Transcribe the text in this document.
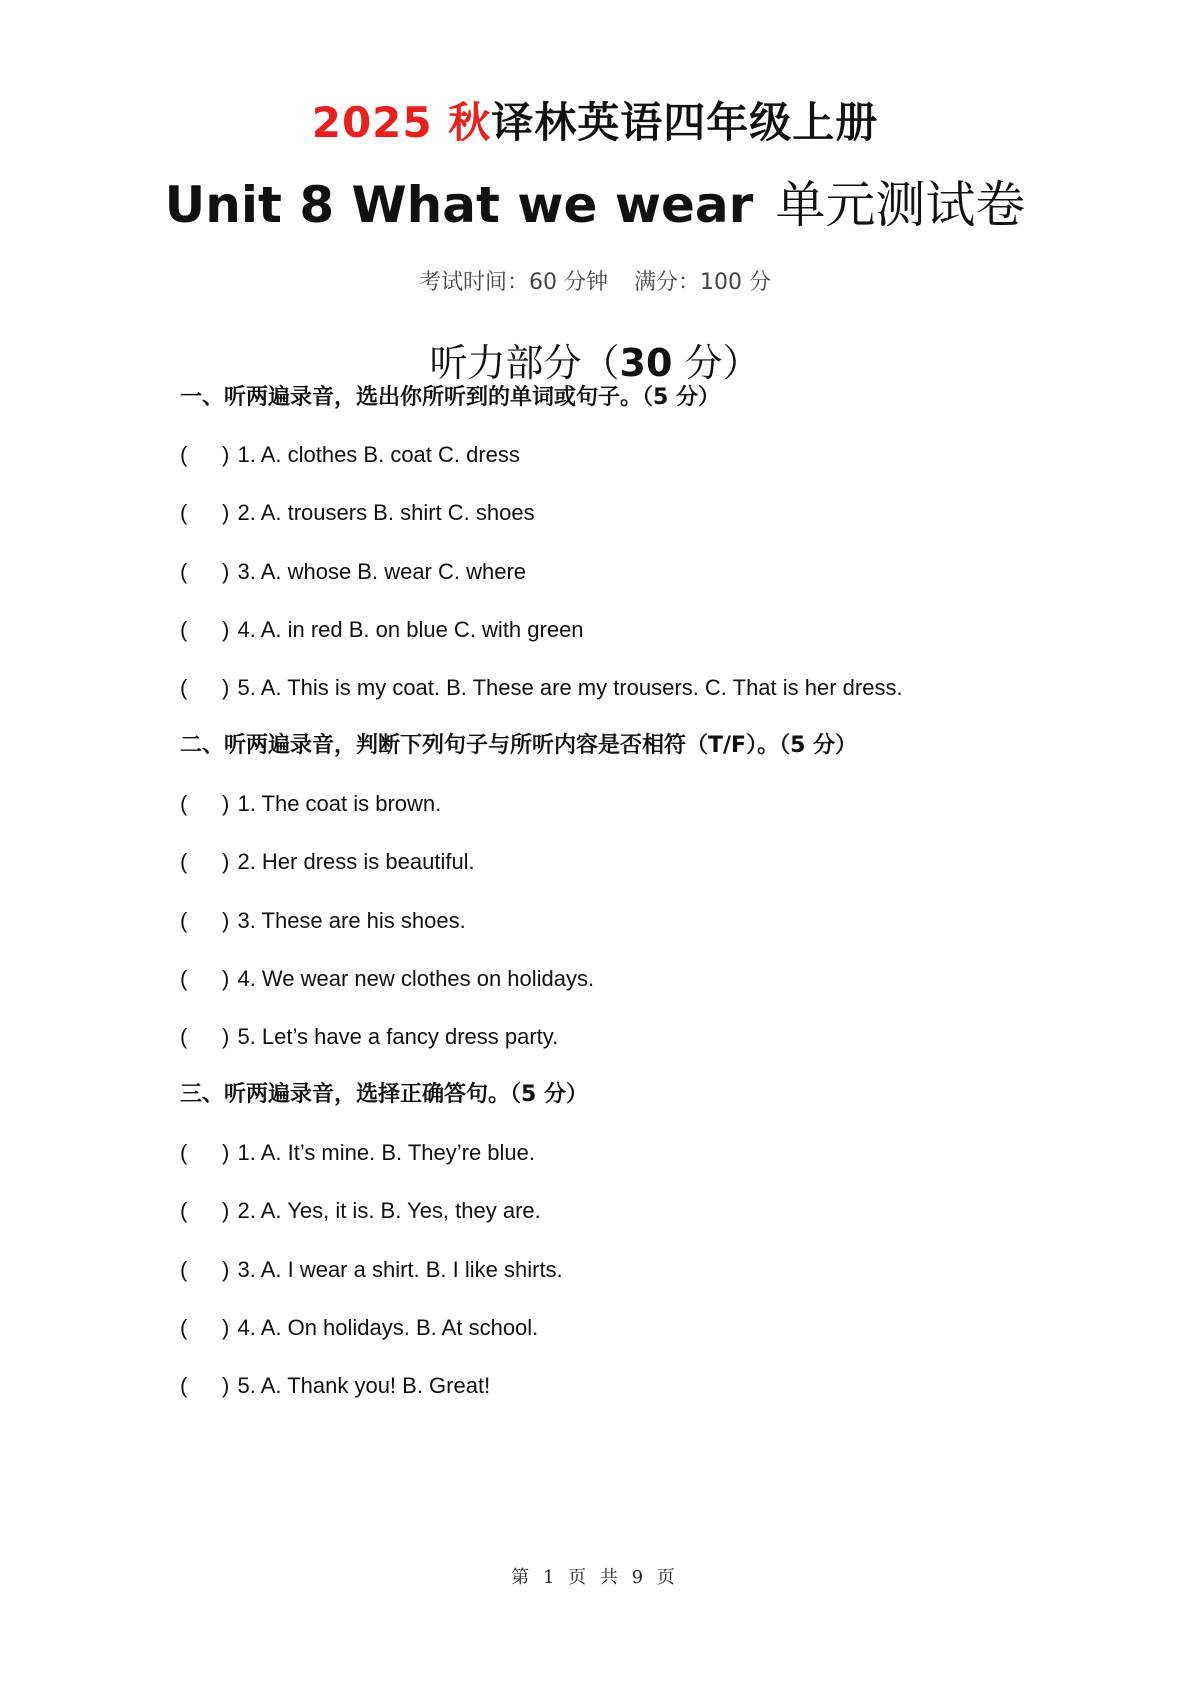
2025 秋译林英语四年级上册
Unit 8 What we wear 单元测试卷
考试时间：60 分钟 满分：100 分
听力部分（30 分）
一、听两遍录音，选出你所听到的单词或句子。（5 分）
( ) 1. A. clothes B. coat C. dress
( ) 2. A. trousers B. shirt C. shoes
( ) 3. A. whose B. wear C. where
( ) 4. A. in red B. on blue C. with green
( ) 5. A. This is my coat. B. These are my trousers. C. That is her dress.
二、听两遍录音，判断下列句子与所听内容是否相符（T/F）。（5 分）
( ) 1. The coat is brown.
( ) 2. Her dress is beautiful.
( ) 3. These are his shoes.
( ) 4. We wear new clothes on holidays.
( ) 5. Let’s have a fancy dress party.
三、听两遍录音，选择正确答句。（5 分）
( ) 1. A. It’s mine. B. They’re blue.
( ) 2. A. Yes, it is. B. Yes, they are.
( ) 3. A. I wear a shirt. B. I like shirts.
( ) 4. A. On holidays. B. At school.
( ) 5. A. Thank you! B. Great!
第 1 页 共 9 页
